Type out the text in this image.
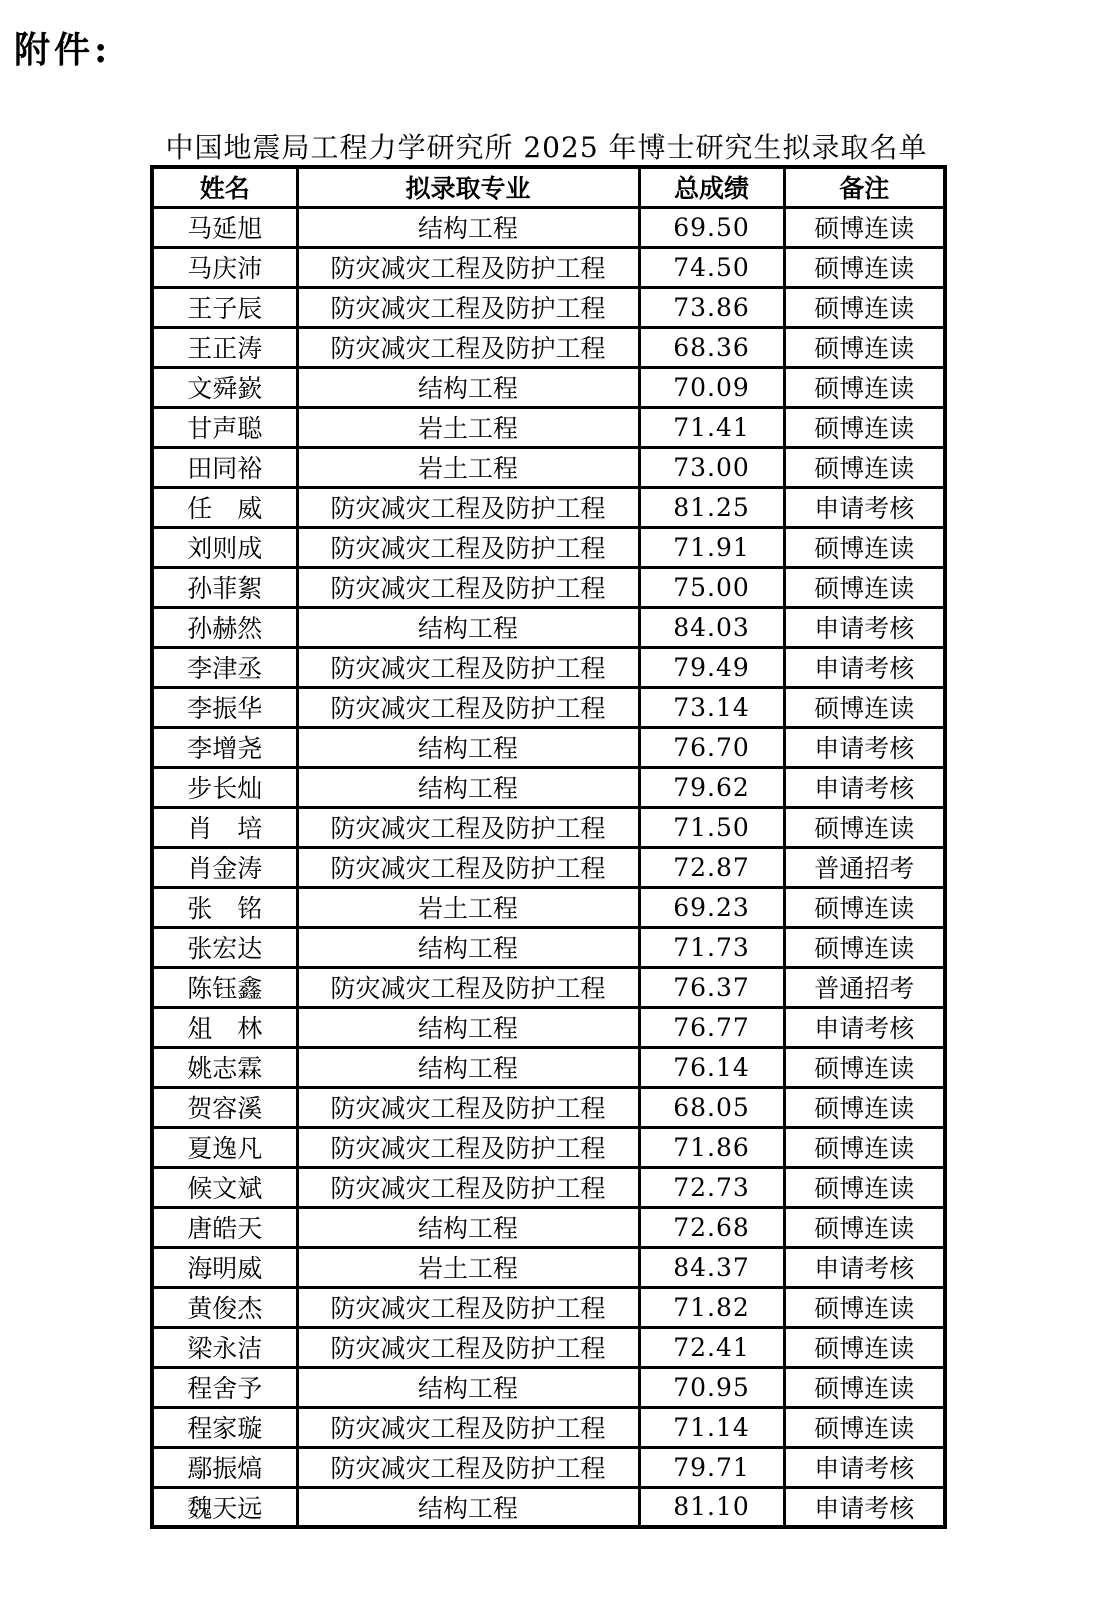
附件:
中国地震局工程力学研究所 2025 年博士研究生拟录取名单
姓名	拟录取专业	总成绩	备注
马延旭	结构工程	69.50	硕博连读
马庆沛	防灾减灾工程及防护工程	74.50	硕博连读
王子辰	防灾减灾工程及防护工程	73.86	硕博连读
王正涛	防灾减灾工程及防护工程	68.36	硕博连读
文舜嶔	结构工程	70.09	硕博连读
甘声聪	岩土工程	71.41	硕博连读
田同裕	岩土工程	73.00	硕博连读
任　威	防灾减灾工程及防护工程	81.25	申请考核
刘则成	防灾减灾工程及防护工程	71.91	硕博连读
孙菲絮	防灾减灾工程及防护工程	75.00	硕博连读
孙赫然	结构工程	84.03	申请考核
李津丞	防灾减灾工程及防护工程	79.49	申请考核
李振华	防灾减灾工程及防护工程	73.14	硕博连读
李增尧	结构工程	76.70	申请考核
步长灿	结构工程	79.62	申请考核
肖　培	防灾减灾工程及防护工程	71.50	硕博连读
肖金涛	防灾减灾工程及防护工程	72.87	普通招考
张　铭	岩土工程	69.23	硕博连读
张宏达	结构工程	71.73	硕博连读
陈钰鑫	防灾减灾工程及防护工程	76.37	普通招考
俎　林	结构工程	76.77	申请考核
姚志霖	结构工程	76.14	硕博连读
贺容溪	防灾减灾工程及防护工程	68.05	硕博连读
夏逸凡	防灾减灾工程及防护工程	71.86	硕博连读
候文斌	防灾减灾工程及防护工程	72.73	硕博连读
唐皓天	结构工程	72.68	硕博连读
海明威	岩土工程	84.37	申请考核
黄俊杰	防灾减灾工程及防护工程	71.82	硕博连读
梁永洁	防灾减灾工程及防护工程	72.41	硕博连读
程舍予	结构工程	70.95	硕博连读
程家璇	防灾减灾工程及防护工程	71.14	硕博连读
鄢振熇	防灾减灾工程及防护工程	79.71	申请考核
魏天远	结构工程	81.10	申请考核
